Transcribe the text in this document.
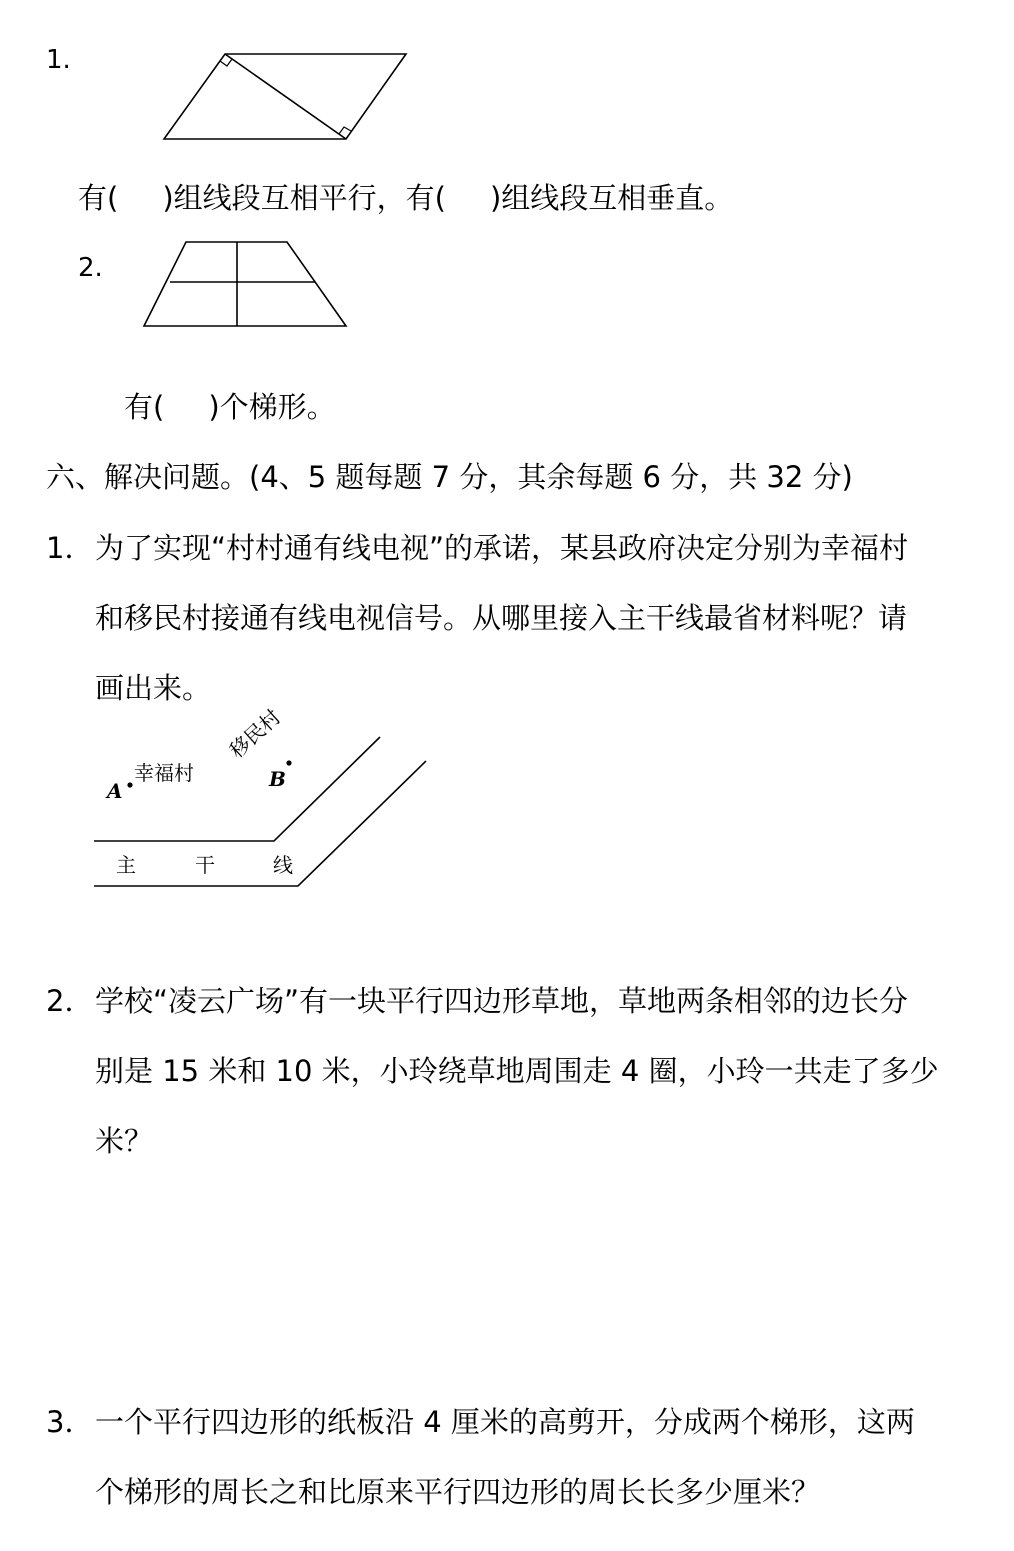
1.
有( )组线段互相平行，有( )组线段互相垂直。
2.
有( )个梯形。
六、解决问题。(4、5 题每题 7 分，其余每题 6 分，共 32 分)
1． 为了实现“村村通有线电视”的承诺，某县政府决定分别为幸福村
和移民村接通有线电视信号。从哪里接入主干线最省材料呢？请
画出来。
幸福村
A
移民村
B
主	干	线
2． 学校“凌云广场”有一块平行四边形草地，草地两条相邻的边长分
别是 15 米和 10 米，小玲绕草地周围走 4 圈，小玲一共走了多少
米？
3． 一个平行四边形的纸板沿 4 厘米的高剪开，分成两个梯形，这两
个梯形的周长之和比原来平行四边形的周长长多少厘米？
